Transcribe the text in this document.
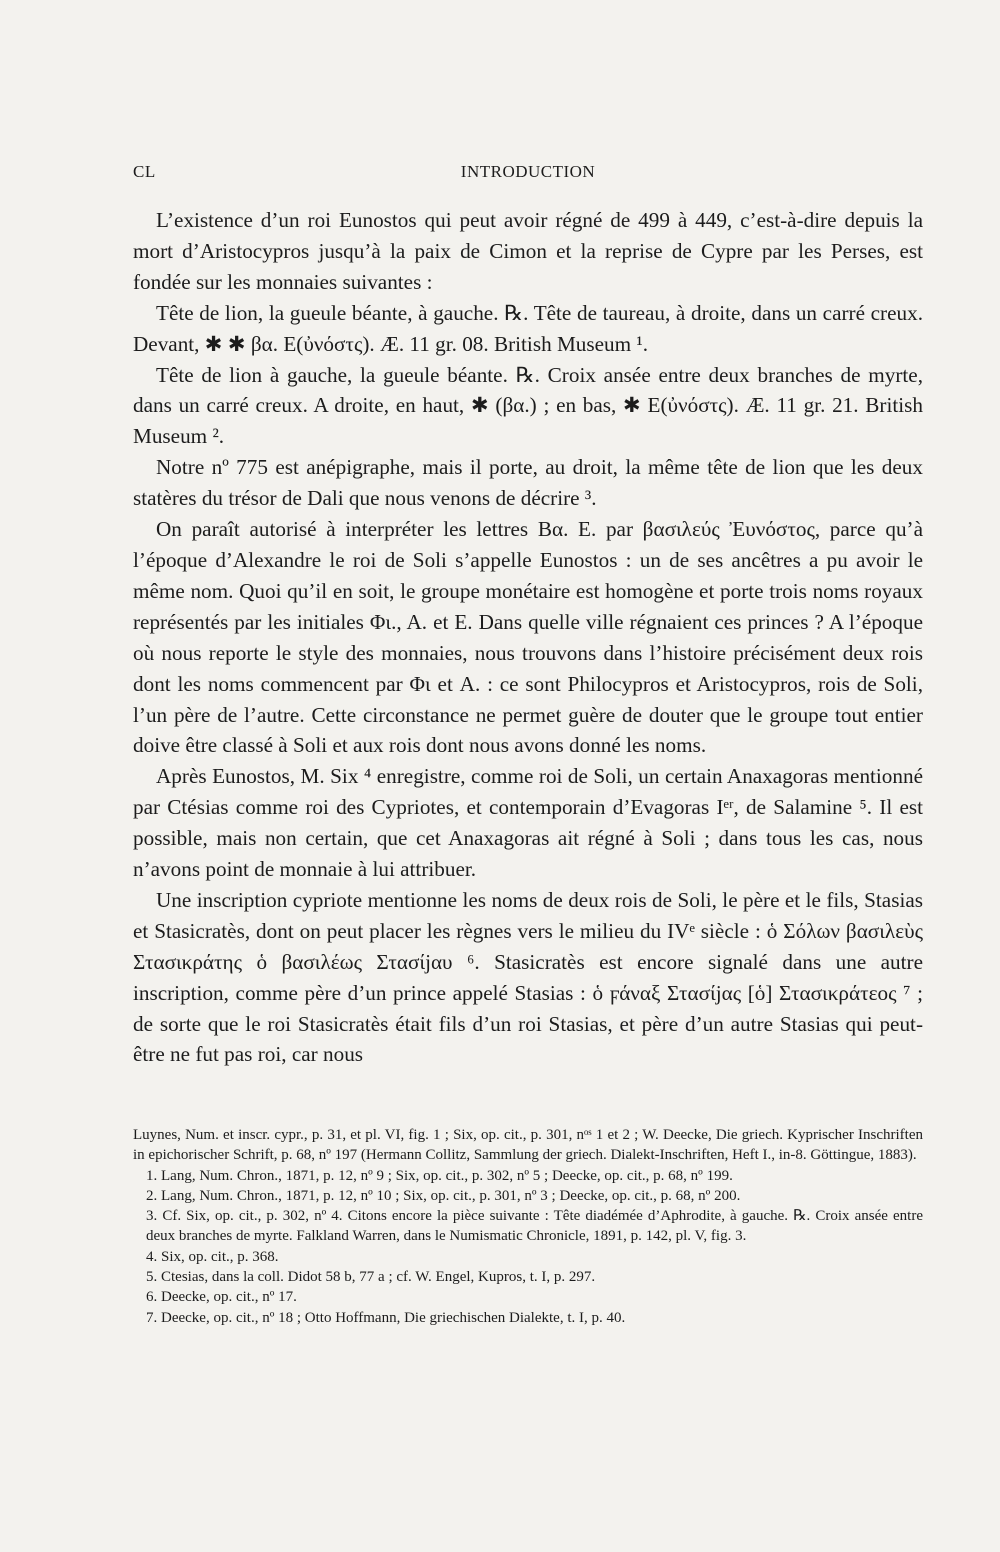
CL	INTRODUCTION

L’existence d’un roi Eunostos qui peut avoir régné de 499 à 449, c’est-à-dire depuis la mort d’Aristocypros jusqu’à la paix de Cimon et la reprise de Cypre par les Perses, est fondée sur les monnaies suivantes :

Tête de lion, la gueule béante, à gauche. ℞. Tête de taureau, à droite, dans un carré creux. Devant, ✱ ✱ βα. Ε(ὐνόστς). Æ. 11 gr. 08. British Museum ¹.

Tête de lion à gauche, la gueule béante. ℞. Croix ansée entre deux branches de myrte, dans un carré creux. A droite, en haut, ✱ (βα.) ; en bas, ✱ Ε(ὐνόστς). Æ. 11 gr. 21. British Museum ².

Notre nº 775 est anépigraphe, mais il porte, au droit, la même tête de lion que les deux statères du trésor de Dali que nous venons de décrire ³.

On paraît autorisé à interpréter les lettres Βα. Ε. par βασιλεύς Ἐυνόστος, parce qu’à l’époque d’Alexandre le roi de Soli s’appelle Eunostos : un de ses ancêtres a pu avoir le même nom. Quoi qu’il en soit, le groupe monétaire est homogène et porte trois noms royaux représentés par les initiales Φι., Α. et Ε. Dans quelle ville régnaient ces princes ? A l’époque où nous reporte le style des monnaies, nous trouvons dans l’histoire précisément deux rois dont les noms commencent par Φι et Α. : ce sont Philocypros et Aristocypros, rois de Soli, l’un père de l’autre. Cette circonstance ne permet guère de douter que le groupe tout entier doive être classé à Soli et aux rois dont nous avons donné les noms.

Après Eunostos, M. Six ⁴ enregistre, comme roi de Soli, un certain Anaxagoras mentionné par Ctésias comme roi des Cypriotes, et contemporain d’Evagoras Iᵉʳ, de Salamine ⁵. Il est possible, mais non certain, que cet Anaxagoras ait régné à Soli ; dans tous les cas, nous n’avons point de monnaie à lui attribuer.

Une inscription cypriote mentionne les noms de deux rois de Soli, le père et le fils, Stasias et Stasicratès, dont on peut placer les règnes vers le milieu du IVᵉ siècle : ὁ Σόλων βασιλεὺς Στασικράτης ὁ βασιλέως Στασίjαυ ⁶. Stasicratès est encore signalé dans une autre inscription, comme père d’un prince appelé Stasias : ὁ ϝάναξ Στασίjας [ὁ] Στασικράτεος ⁷ ; de sorte que le roi Stasicratès était fils d’un roi Stasias, et père d’un autre Stasias qui peut-être ne fut pas roi, car nous

Luynes, Num. et inscr. cypr., p. 31, et pl. VI, fig. 1 ; Six, op. cit., p. 301, nᵒˢ 1 et 2 ; W. Deecke, Die griech. Kyprischer Inschriften in epichorischer Schrift, p. 68, nº 197 (Hermann Collitz, Sammlung der griech. Dialekt-Inschriften, Heft I., in-8. Göttingue, 1883).

1. Lang, Num. Chron., 1871, p. 12, nº 9 ; Six, op. cit., p. 302, nº 5 ; Deecke, op. cit., p. 68, nº 199.

2. Lang, Num. Chron., 1871, p. 12, nº 10 ; Six, op. cit., p. 301, nº 3 ; Deecke, op. cit., p. 68, nº 200.

3. Cf. Six, op. cit., p. 302, nº 4. Citons encore la pièce suivante : Tête diadémée d’Aphrodite, à gauche. ℞. Croix ansée entre deux branches de myrte. Falkland Warren, dans le Numismatic Chronicle, 1891, p. 142, pl. V, fig. 3.

4. Six, op. cit., p. 368.

5. Ctesias, dans la coll. Didot 58 b, 77 a ; cf. W. Engel, Kupros, t. I, p. 297.

6. Deecke, op. cit., nº 17.

7. Deecke, op. cit., nº 18 ; Otto Hoffmann, Die griechischen Dialekte, t. I, p. 40.
